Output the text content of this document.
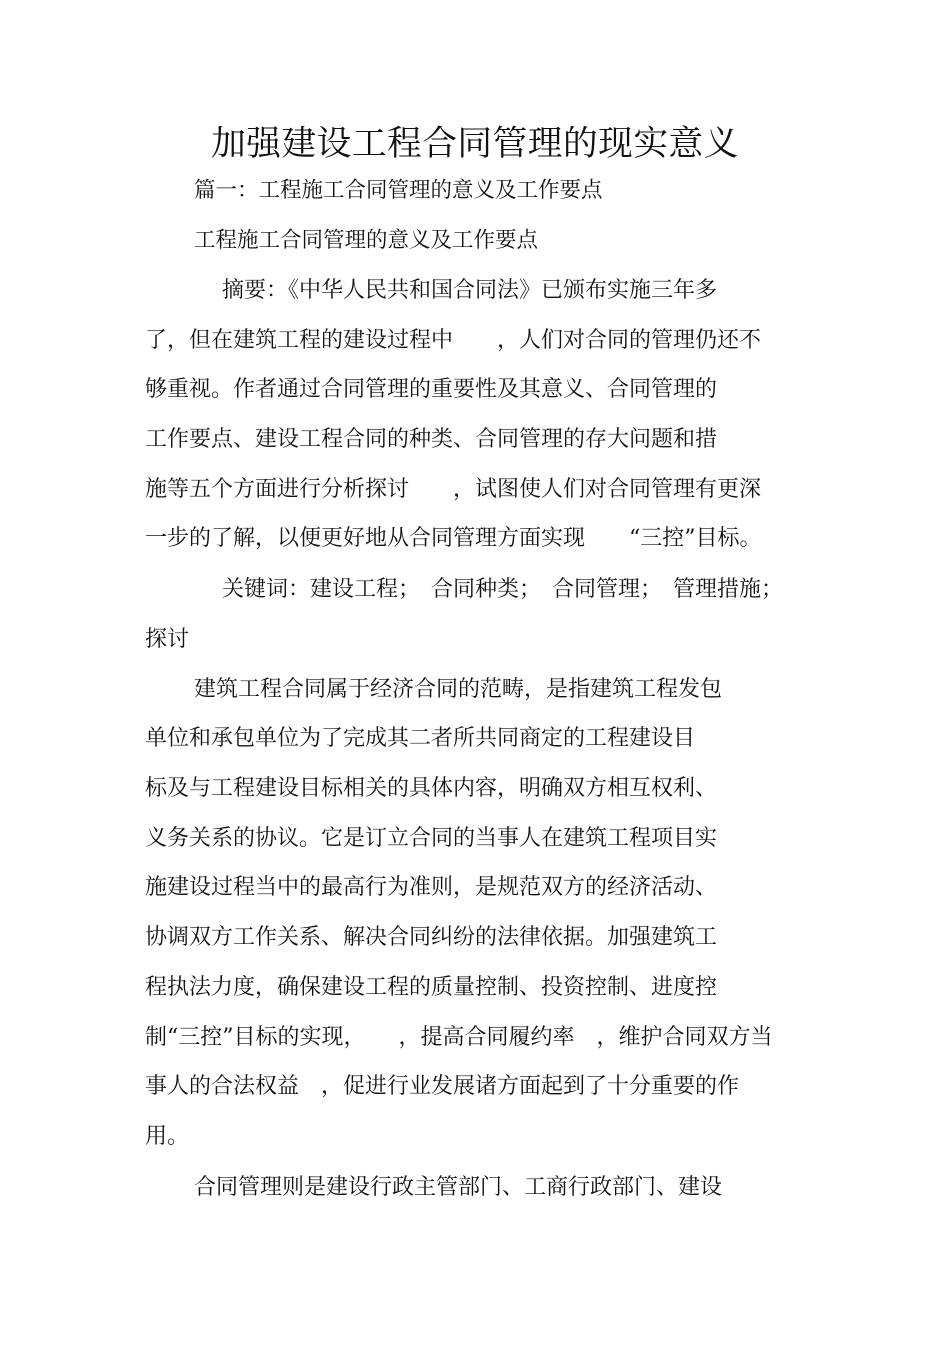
加强建设工程合同管理的现实意义
篇一：工程施工合同管理的意义及工作要点
工程施工合同管理的意义及工作要点
摘要：《中华人民共和国合同法》已颁布实施三年多
了，但在建筑工程的建设过程中　　，人们对合同的管理仍还不
够重视。作者通过合同管理的重要性及其意义、合同管理的
工作要点、建设工程合同的种类、合同管理的存大问题和措
施等五个方面进行分析探讨　　，试图使人们对合同管理有更深
一步的了解，以便更好地从合同管理方面实现　　“三控”目标。
关键词：建设工程；　合同种类；　合同管理；　管理措施；
探讨
建筑工程合同属于经济合同的范畴，是指建筑工程发包
单位和承包单位为了完成其二者所共同商定的工程建设目
标及与工程建设目标相关的具体内容，明确双方相互权利、
义务关系的协议。它是订立合同的当事人在建筑工程项目实
施建设过程当中的最高行为准则，是规范双方的经济活动、
协调双方工作关系、解决合同纠纷的法律依据。加强建筑工
程执法力度，确保建设工程的质量控制、投资控制、进度控
制“三控”目标的实现，　　，提高合同履约率　，维护合同双方当
事人的合法权益　，促进行业发展诸方面起到了十分重要的作
用。
合同管理则是建设行政主管部门、工商行政部门、建设
